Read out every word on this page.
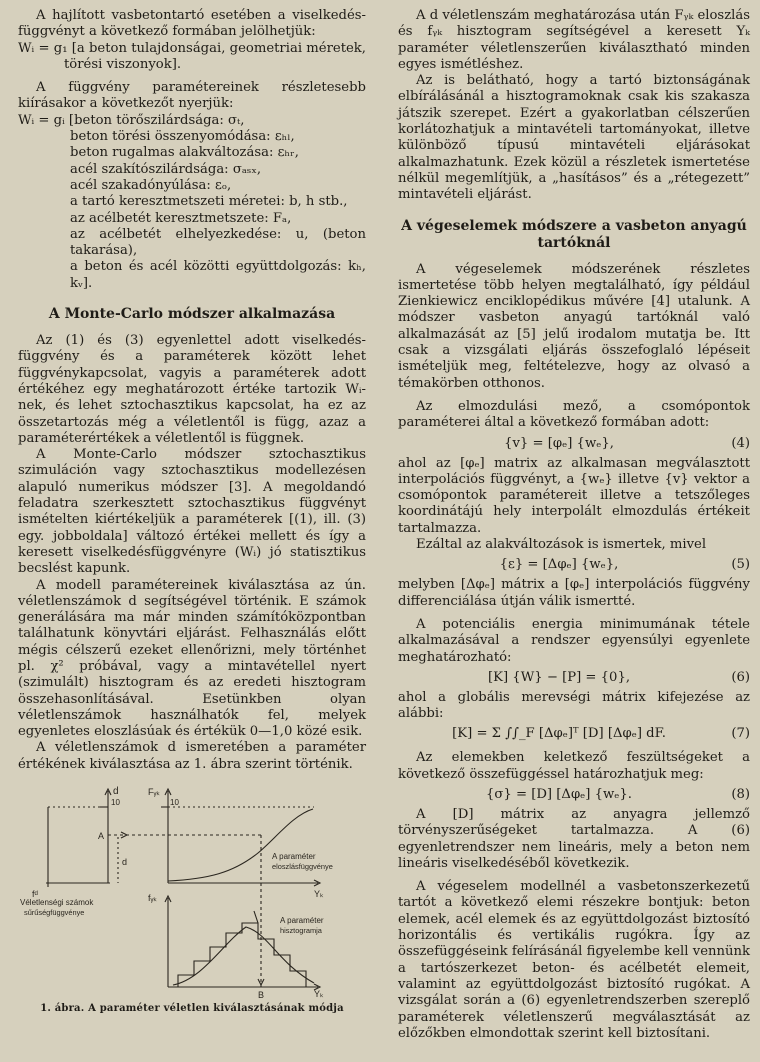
A hajlított vasbetontartó esetében a viselkedés-függvényt a következő formában jelölhetjük:

Wᵢ = g₁ [a beton tulajdonságai, geometriai méretek, törési viszonyok].

A függvény paramétereinek részletesebb kiírásakor a következőt nyerjük:

Wᵢ = gᵢ [beton törőszilárdsága: σₜ,

beton törési összenyomódása: εₕₗ,

beton rugalmas alakváltozása: εₕᵣ,

acél szakítószilárdsága: σₐₛₓ,

acél szakadónyúlása: εₒ,

a tartó keresztmetszeti méretei: b, h stb.,

az acélbetét keresztmetszete: Fₐ,

az acélbetét elhelyezkedése: u, (beton takarása),

a beton és acél közötti együttdolgozás: kₕ, kᵥ].

A Monte-Carlo módszer alkalmazása

Az (1) és (3) egyenlettel adott viselkedés-függvény és a paraméterek között lehet függvénykapcsolat, vagyis a paraméterek adott értékéhez egy meghatározott értéke tartozik Wᵢ-nek, és lehet sztochasztikus kapcsolat, ha ez az összetartozás még a véletlentől is függ, azaz a paraméterértékek a véletlentől is függnek.

A Monte-Carlo módszer sztochasztikus szimuláción vagy sztochasztikus modellezésen alapuló numerikus módszer [3]. A megoldandó feladatra szerkesztett sztochasztikus függvényt ismételten kiértékeljük a paraméterek [(1), ill. (3) egy. jobboldala] változó értékei mellett és így a keresett viselkedésfüggvényre (Wᵢ) jó statisztikus becslést kapunk.

A modell paramétereinek kiválasztása az ún. véletlenszámok d segítségével történik. E számok generálására ma már minden számítóközpontban találhatunk könyvtári eljárást. Felhasználás előtt mégis célszerű ezeket ellenőrizni, mely történhet pl. χ² próbával, vagy a mintavétellel nyert (szimulált) hisztogram és az eredeti hisztogram összehasonlításával. Esetünkben olyan véletlenszámok használhatók fel, melyek egyenletes eloszlásúak és értékük 0—1,0 közé esik.

A véletlenszámok d ismeretében a paraméter értékének kiválasztása az 1. ábra szerint történik.

d	Fᵧₖ
10	10
A
fᵈ
d
Yₖ
A paraméter
eloszlásfüggvénye
Véletlenségi számok
sűrűségfüggvénye
fᵧₖ
A paraméter
hisztogramja
B	Yₖ
1. ábra. A paraméter véletlen kiválasztásának módja

A d véletlenszám meghatározása után Fᵧₖ eloszlás és fᵧₖ hisztogram segítségével a keresett Yₖ paraméter véletlenszerűen kiválasztható minden egyes ismétléshez.

Az is belátható, hogy a tartó biztonságának elbírálásánál a hisztogramoknak csak kis szakasza játszik szerepet. Ezért a gyakorlatban célszerűen korlátozhatjuk a mintavételi tartományokat, illetve különböző típusú mintavételi eljárásokat alkalmazhatunk. Ezek közül a részletek ismertetése nélkül megemlítjük, a „hasításos” és a „rétegezett” mintavételi eljárást.

A végeselemek módszere a vasbeton anyagú tartóknál

A végeselemek módszerének részletes ismertetése több helyen megtalálható, így például Zienkiewicz enciklopédikus művére [4] utalunk. A módszer vasbeton anyagú tartóknál való alkalmazását az [5] jelű irodalom mutatja be. Itt csak a vizsgálati eljárás összefoglaló lépéseit ismételjük meg, feltételezve, hogy az olvasó a témakörben otthonos.

Az elmozdulási mező, a csomópontok paraméterei által a következő formában adott:

{v} = [φₑ] {wₑ},	(4)

ahol az [φₑ] matrix az alkalmasan megválasztott interpolációs függvényt, a {wₑ} illetve {v} vektor a csomópontok paramétereit illetve a tetszőleges koordinátájú hely interpolált elmozdulás értékeit tartalmazza.

Ezáltal az alakváltozások is ismertek, mivel

{ε} = [Δφₑ] {wₑ},	(5)

melyben [Δφₑ] mátrix a [φₑ] interpolációs függvény differenciálása útján válik ismertté.

A potenciális energia minimumának tétele alkalmazásával a rendszer egyensúlyi egyenlete meghatározható:

[K] {W} − [P] = {0},	(6)

ahol a globális merevségi mátrix kifejezése az alábbi:

[K] = Σ ∫∫_F [Δφₑ]ᵀ [D] [Δφₑ] dF.	(7)

Az elemekben keletkező feszültségeket a következő összefüggéssel határozhatjuk meg:

{σ} = [D] [Δφₑ] {wₑ}.	(8)

A [D] mátrix az anyagra jellemző törvényszerűségeket tartalmazza. A (6) egyenletrendszer nem lineáris, mely a beton nem lineáris viselkedéséből következik.

A végeselem modellnél a vasbetonszerkezetű tartót a következő elemi részekre bontjuk: beton elemek, acél elemek és az együttdolgozást biztosító horizontális és vertikális rugókra. Így az összefüggéseink felírásánál figyelembe kell vennünk a tartószerkezet beton- és acélbetét elemeit, valamint az együttdolgozást biztosító rugókat. A vizsgálat során a (6) egyenletrendszerben szereplő paraméterek véletlenszerű megválasztását az előzőkben elmondottak szerint kell biztosítani.
